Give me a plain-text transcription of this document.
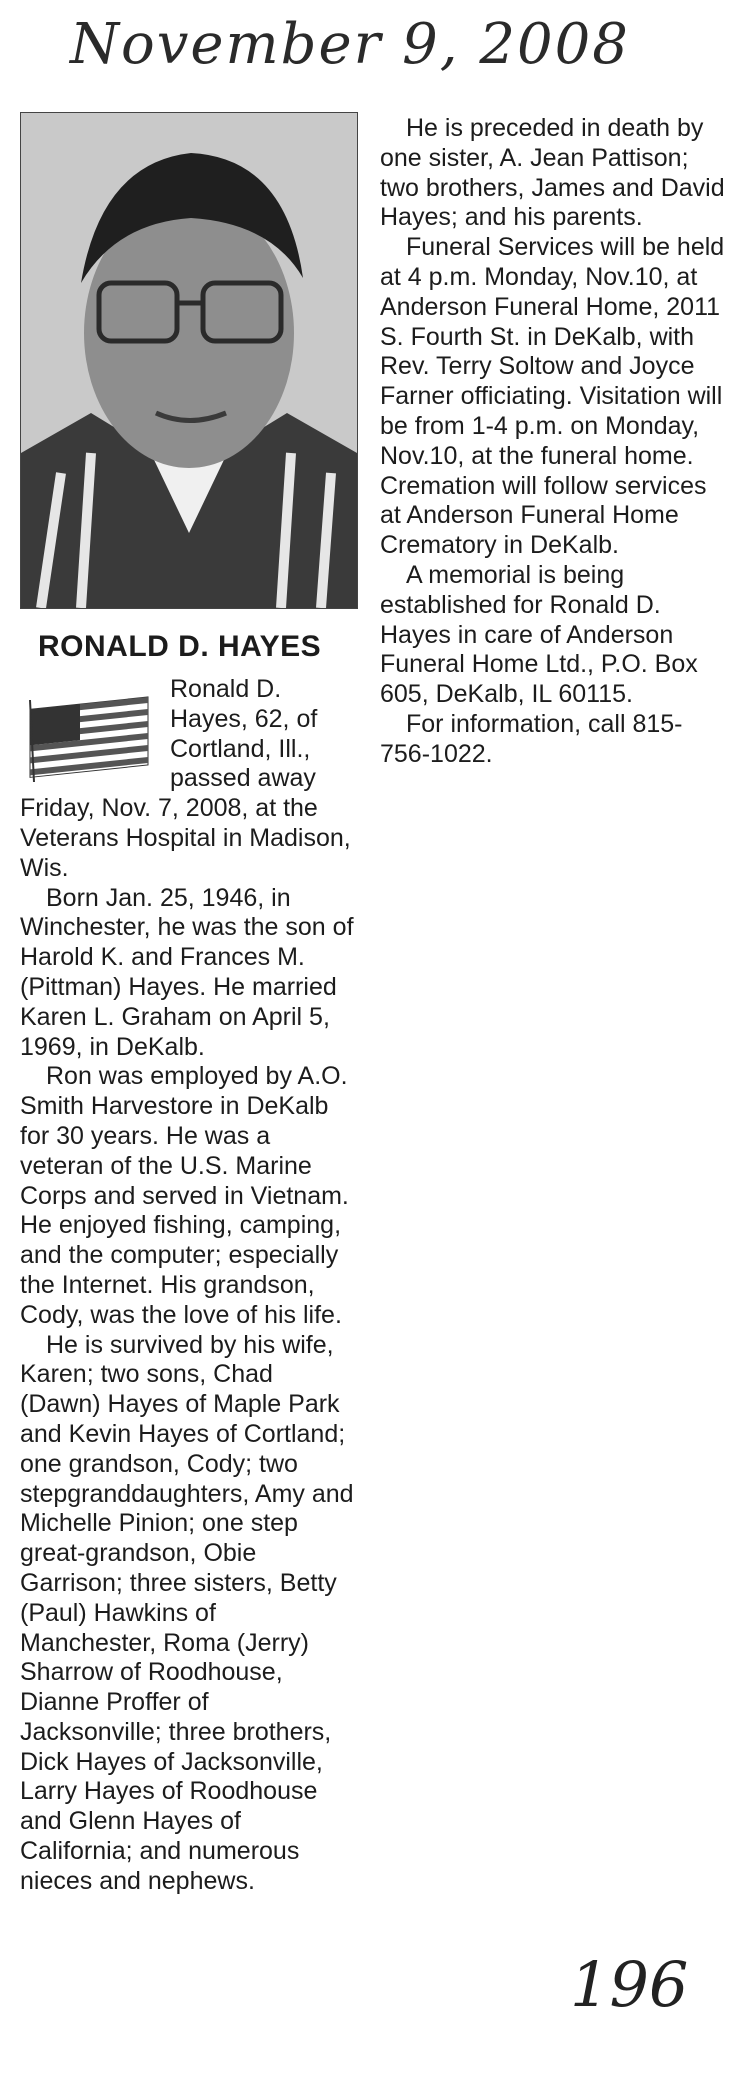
November 9, 2008
RONALD D. HAYES

Ronald D.
Hayes, 62, of
Cortland, Ill.,
passed away

Friday, Nov. 7, 2008, at the Veterans Hospital in Madison, Wis.

Born Jan. 25, 1946, in Winchester, he was the son of Harold K. and Frances M. (Pittman) Hayes. He married Karen L. Graham on April 5, 1969, in DeKalb.

Ron was employed by A.O. Smith Harvestore in DeKalb for 30 years. He was a veteran of the U.S. Marine Corps and served in Vietnam. He enjoyed fishing, camping, and the computer; especially the Internet. His grandson, Cody, was the love of his life.

He is survived by his wife, Karen; two sons, Chad (Dawn) Hayes of Maple Park and Kevin Hayes of Cortland; one grandson, Cody; two stepgranddaughters, Amy and Michelle Pinion; one step great-grandson, Obie Garrison; three sisters, Betty (Paul) Hawkins of Manchester, Roma (Jerry) Sharrow of Roodhouse, Dianne Proffer of Jacksonville; three brothers, Dick Hayes of Jacksonville, Larry Hayes of Roodhouse and Glenn Hayes of California; and numerous nieces and nephews.

He is preceded in death by one sister, A. Jean Pattison; two brothers, James and David Hayes; and his parents.

Funeral Services will be held at 4 p.m. Monday, Nov.10, at Anderson Funeral Home, 2011 S. Fourth St. in DeKalb, with Rev. Terry Soltow and Joyce Farner officiating. Visitation will be from 1-4 p.m. on Monday, Nov.10, at the funeral home. Cremation will follow services at Anderson Funeral Home Crematory in DeKalb.

A memorial is being established for Ronald D. Hayes in care of Anderson Funeral Home Ltd., P.O. Box 605, DeKalb, IL 60115.

For information, call 815-756-1022.

196
